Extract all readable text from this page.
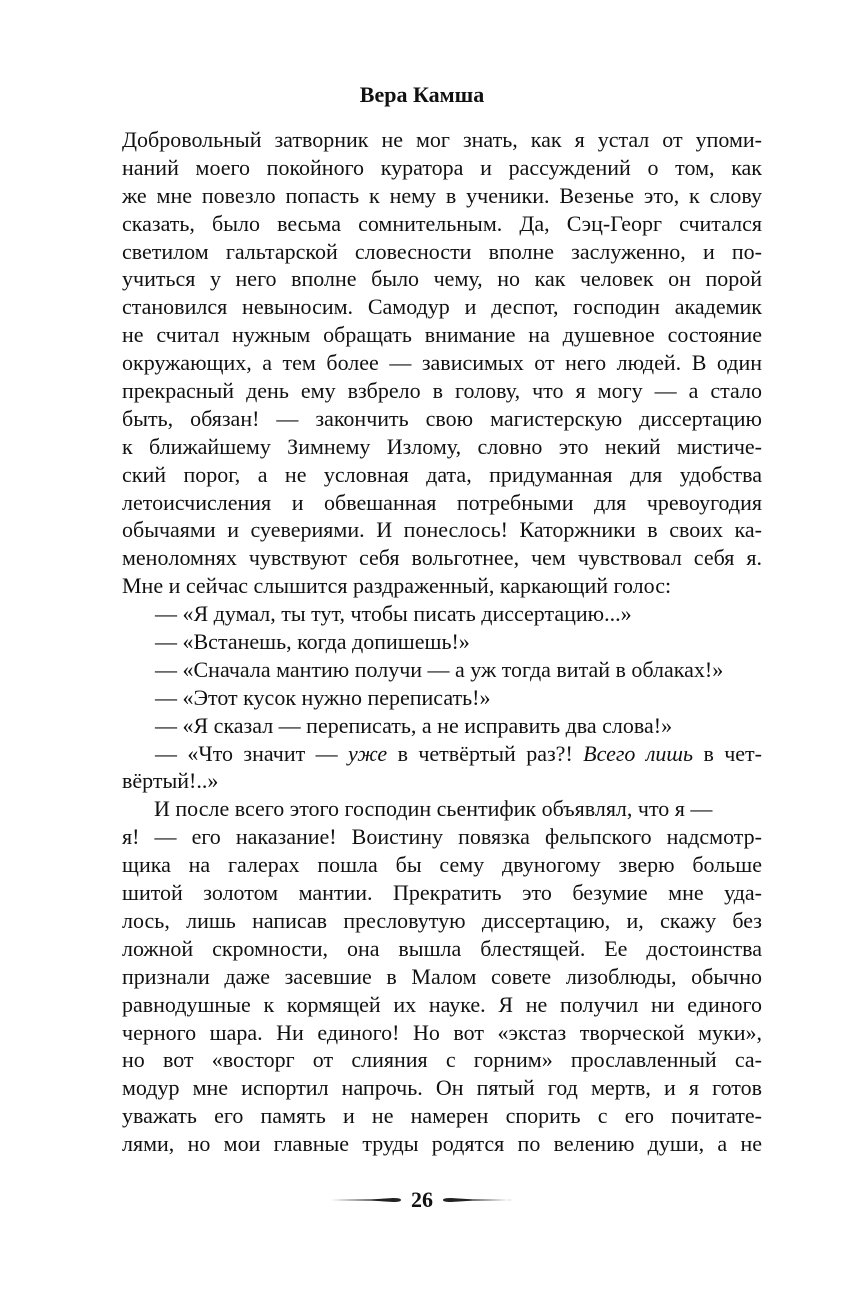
Вера Камша
Добровольный затворник не мог знать, как я устал от упоми-
наний моего покойного куратора и рассуждений о том, как
же мне повезло попасть к нему в ученики. Везенье это, к слову
сказать, было весьма сомнительным. Да, Сэц-Георг считался
светилом гальтарской словесности вполне заслуженно, и по-
учиться у него вполне было чему, но как человек он порой
становился невыносим. Самодур и деспот, господин академик
не считал нужным обращать внимание на душевное состояние
окружающих, а тем более — зависимых от него людей. В один
прекрасный день ему взбрело в голову, что я могу — а стало
быть, обязан! — закончить свою магистерскую диссертацию
к ближайшему Зимнему Излому, словно это некий мистиче-
ский порог, а не условная дата, придуманная для удобства
летоисчисления и обвешанная потребными для чревоугодия
обычаями и суевериями. И понеслось! Каторжники в своих ка-
менoломнях чувствуют себя вольготнее, чем чувствовал себя я.
Мне и сейчас слышится раздраженный, каркающий голос:
— «Я думал, ты тут, чтобы писать диссертацию...»
— «Встанешь, когда допишешь!»
— «Сначала мантию получи — а уж тогда витай в облаках!»
— «Этот кусок нужно переписать!»
— «Я сказал — переписать, а не исправить два слова!»
— «Что значит — уже в четвёртый раз?! Всего лишь в чет-
вёртый!..»
И после всего этого господин сьентифик объявлял, что я —
я! — его наказание! Воистину повязка фельпского надсмотр-
щика на галерах пошла бы сему двуногому зверю больше
шитой золотом мантии. Прекратить это безумие мне уда-
лось, лишь написав пресловутую диссертацию, и, скажу без
ложной скромности, она вышла блестящей. Ее достоинства
признали даже засевшие в Малом совете лизоблюды, обычно
равнодушные к кормящей их науке. Я не получил ни единого
черного шара. Ни единого! Но вот «экстаз творческой муки»,
но вот «восторг от слияния с горним» прославленный са-
модур мне испортил напрочь. Он пятый год мертв, и я готов
уважать его память и не намерен спорить с его почитате-
лями, но мои главные труды родятся по велению души, а не
26
